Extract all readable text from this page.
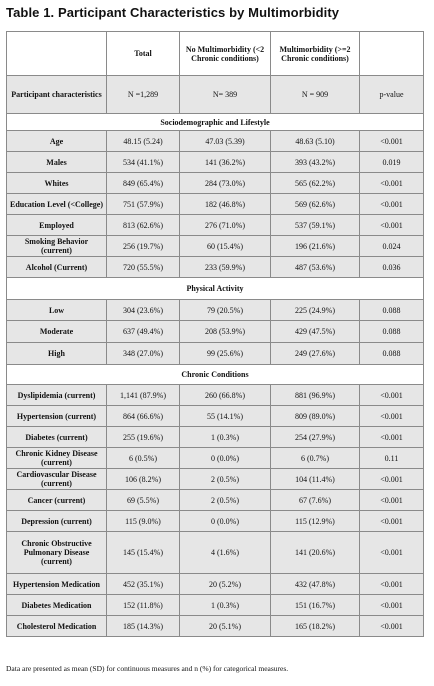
Table 1. Participant Characteristics by Multimorbidity
	Total	No Multimorbidity (<2 Chronic conditions)	Multimorbidity (>=2 Chronic conditions)	
Participant characteristics	N =1,289	N= 389	N = 909	p-value
Sociodemographic and Lifestyle				
Age	48.15 (5.24)	47.03 (5.39)	48.63 (5.10)	<0.001
Males	534 (41.1%)	141 (36.2%)	393 (43.2%)	0.019
Whites	849 (65.4%)	284 (73.0%)	565 (62.2%)	<0.001
Education Level (<College)	751 (57.9%)	182 (46.8%)	569 (62.6%)	<0.001
Employed	813 (62.6%)	276 (71.0%)	537 (59.1%)	<0.001
Smoking Behavior (current)	256 (19.7%)	60 (15.4%)	196 (21.6%)	0.024
Alcohol (Current)	720 (55.5%)	233 (59.9%)	487 (53.6%)	0.036
Physical Activity				
Low	304 (23.6%)	79 (20.5%)	225 (24.9%)	0.088
Moderate	637 (49.4%)	208 (53.9%)	429 (47.5%)	0.088
High	348 (27.0%)	99 (25.6%)	249 (27.6%)	0.088
Chronic Conditions				
Dyslipidemia (current)	1,141 (87.9%)	260 (66.8%)	881 (96.9%)	<0.001
Hypertension (current)	864 (66.6%)	55 (14.1%)	809 (89.0%)	<0.001
Diabetes (current)	255 (19.6%)	1 (0.3%)	254 (27.9%)	<0.001
Chronic Kidney Disease (current)	6 (0.5%)	0 (0.0%)	6 (0.7%)	0.11
Cardiovascular Disease (current)	106 (8.2%)	2 (0.5%)	104 (11.4%)	<0.001
Cancer (current)	69 (5.5%)	2 (0.5%)	67 (7.6%)	<0.001
Depression (current)	115 (9.0%)	0 (0.0%)	115 (12.9%)	<0.001
Chronic Obstructive Pulmonary Disease (current)	145 (15.4%)	4 (1.6%)	141 (20.6%)	<0.001
Hypertension Medication	452 (35.1%)	20 (5.2%)	432 (47.8%)	<0.001
Diabetes Medication	152 (11.8%)	1 (0.3%)	151 (16.7%)	<0.001
Cholesterol Medication	185 (14.3%)	20 (5.1%)	165 (18.2%)	<0.001
Data are presented as mean (SD) for continuous measures and n (%) for categorical measures.
